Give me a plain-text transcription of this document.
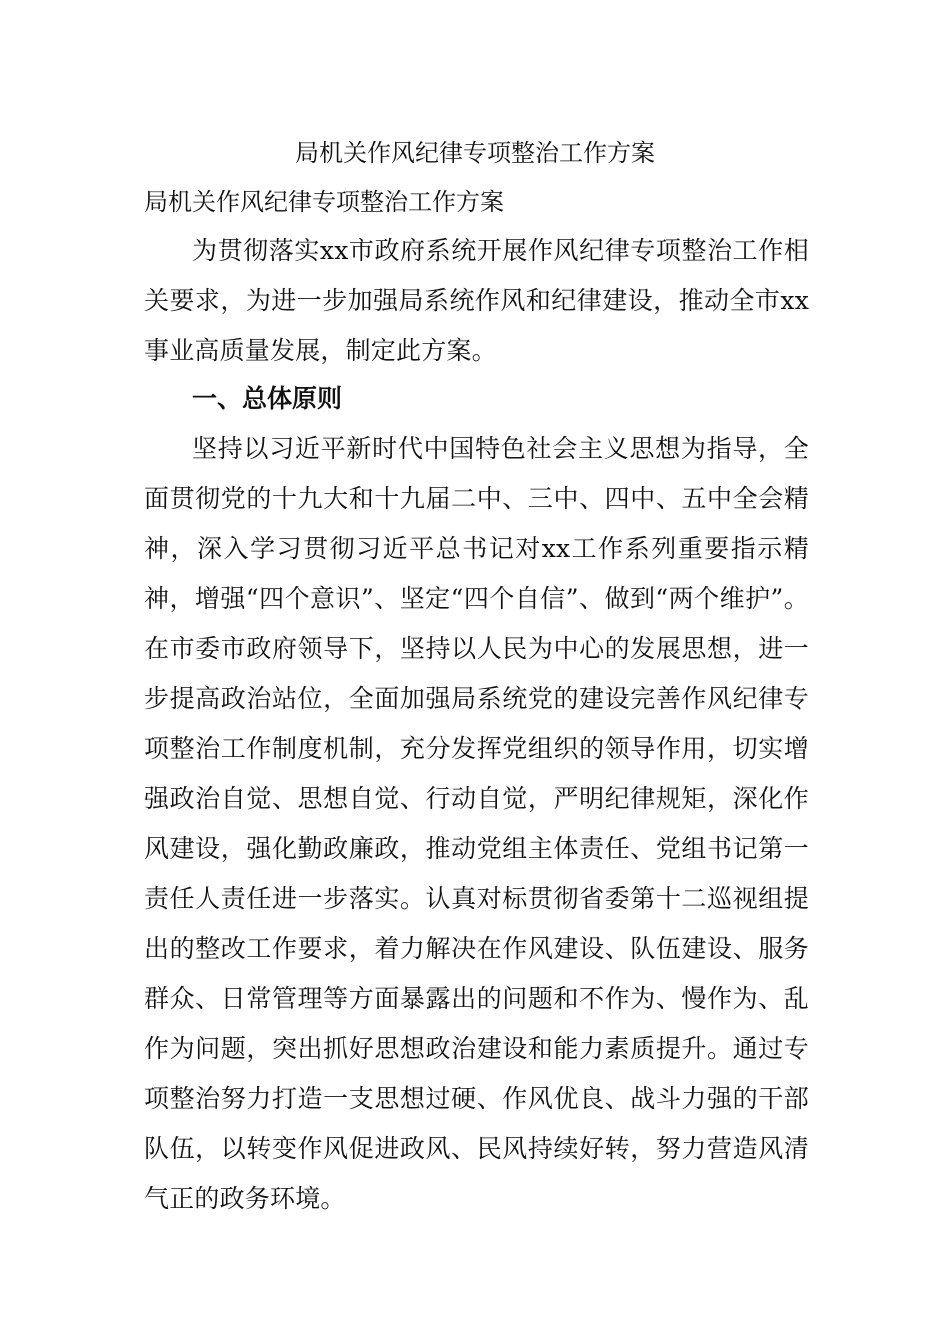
局机关作风纪律专项整治工作方案
局机关作风纪律专项整治工作方案

为贯彻落实xx市政府系统开展作风纪律专项整治工作相关要求，为进一步加强局系统作风和纪律建设，推动全市xx事业高质量发展，制定此方案。

一、总体原则

坚持以习近平新时代中国特色社会主义思想为指导，全面贯彻党的十九大和十九届二中、三中、四中、五中全会精神，深入学习贯彻习近平总书记对xx工作系列重要指示精神，增强“四个意识”、坚定“四个自信”、做到“两个维护”。在市委市政府领导下，坚持以人民为中心的发展思想，进一步提高政治站位，全面加强局系统党的建设完善作风纪律专项整治工作制度机制，充分发挥党组织的领导作用，切实增强政治自觉、思想自觉、行动自觉，严明纪律规矩，深化作风建设，强化勤政廉政，推动党组主体责任、党组书记第一责任人责任进一步落实。认真对标贯彻省委第十二巡视组提出的整改工作要求，着力解决在作风建设、队伍建设、服务群众、日常管理等方面暴露出的问题和不作为、慢作为、乱作为问题，突出抓好思想政治建设和能力素质提升。通过专项整治努力打造一支思想过硬、作风优良、战斗力强的干部队伍，以转变作风促进政风、民风持续好转，努力营造风清气正的政务环境。
